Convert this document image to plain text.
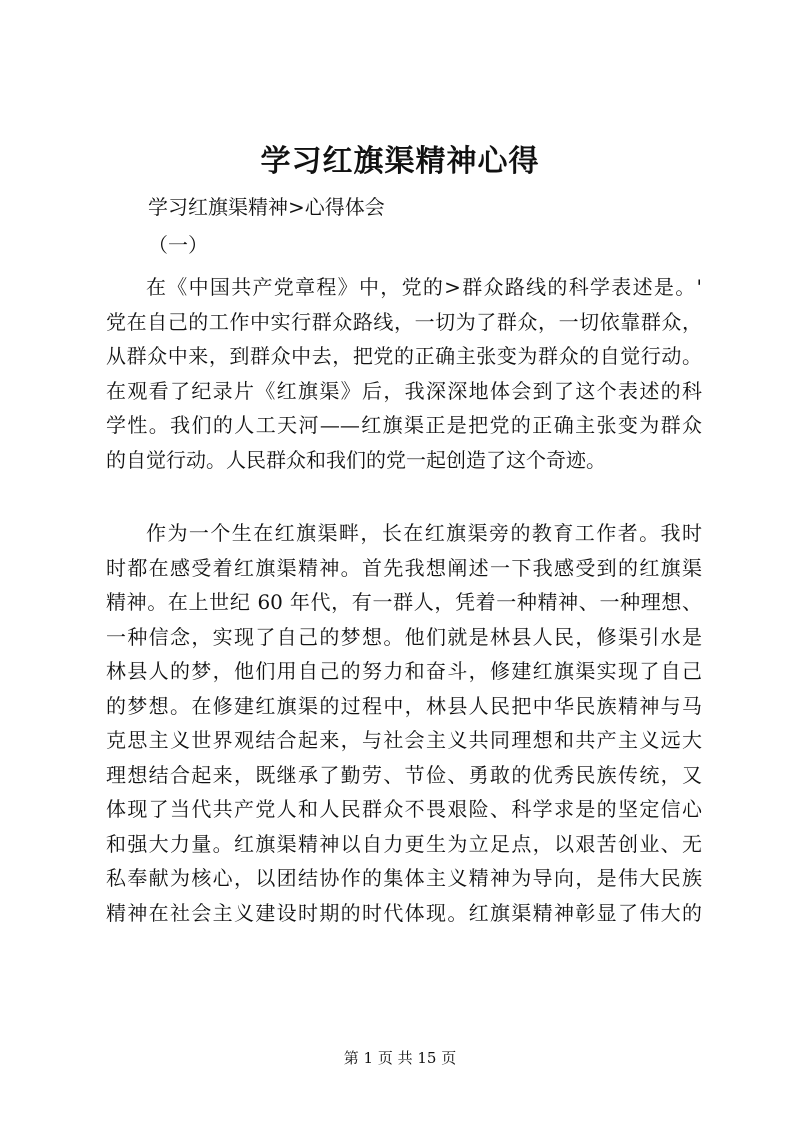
学习红旗渠精神心得
学习红旗渠精神>心得体会
（一）
在《中国共产党章程》中，党的>群众路线的科学表述是。'
党在自己的工作中实行群众路线，一切为了群众，一切依靠群众，
从群众中来，到群众中去，把党的正确主张变为群众的自觉行动。
在观看了纪录片《红旗渠》后，我深深地体会到了这个表述的科
学性。我们的人工天河——红旗渠正是把党的正确主张变为群众
的自觉行动。人民群众和我们的党一起创造了这个奇迹。
作为一个生在红旗渠畔，长在红旗渠旁的教育工作者。我时
时都在感受着红旗渠精神。首先我想阐述一下我感受到的红旗渠
精神。在上世纪 60 年代，有一群人，凭着一种精神、一种理想、
一种信念，实现了自己的梦想。他们就是林县人民，修渠引水是
林县人的梦，他们用自己的努力和奋斗，修建红旗渠实现了自己
的梦想。在修建红旗渠的过程中，林县人民把中华民族精神与马
克思主义世界观结合起来，与社会主义共同理想和共产主义远大
理想结合起来，既继承了勤劳、节俭、勇敢的优秀民族传统，又
体现了当代共产党人和人民群众不畏艰险、科学求是的坚定信心
和强大力量。红旗渠精神以自力更生为立足点，以艰苦创业、无
私奉献为核心，以团结协作的集体主义精神为导向，是伟大民族
精神在社会主义建设时期的时代体现。红旗渠精神彰显了伟大的
第 1 页 共 15 页
